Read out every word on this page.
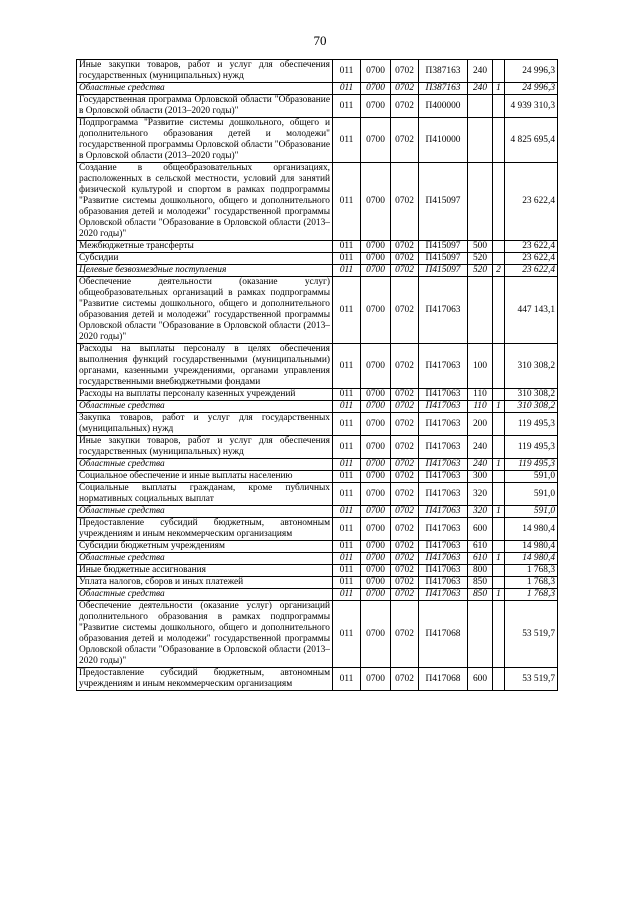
70
Иные закупки товаров, работ и услуг для обеспечения государственных (муниципальных) нужд	011	0700	0702	П387163	240		24 996,3
Областные средства	011	0700	0702	П387163	240	1	24 996,3
Государственная программа Орловской области "Образование в Орловской области (2013–2020 годы)"	011	0700	0702	П400000			4 939 310,3
Подпрограмма "Развитие системы дошкольного, общего и дополнительного образования детей и молодежи" государственной программы Орловской области "Образование в Орловской области (2013–2020 годы)"	011	0700	0702	П410000			4 825 695,4
Создание в общеобразовательных организациях, расположенных в сельской местности, условий для занятий физической культурой и спортом в рамках подпрограммы "Развитие системы дошкольного, общего и дополнительного образования детей и молодежи" государственной программы Орловской области "Образование в Орловской области (2013–2020 годы)"	011	0700	0702	П415097			23 622,4
Межбюджетные трансферты	011	0700	0702	П415097	500		23 622,4
Субсидии	011	0700	0702	П415097	520		23 622,4
Целевые безвозмездные поступления	011	0700	0702	П415097	520	2	23 622,4
Обеспечение деятельности (оказание услуг) общеобразовательных организаций в рамках подпрограммы "Развитие системы дошкольного, общего и дополнительного образования детей и молодежи" государственной программы Орловской области "Образование в Орловской области (2013–2020 годы)"	011	0700	0702	П417063			447 143,1
Расходы на выплаты персоналу в целях обеспечения выполнения функций государственными (муниципальными) органами, казенными учреждениями, органами управления государственными внебюджетными фондами	011	0700	0702	П417063	100		310 308,2
Расходы на выплаты персоналу казенных учреждений	011	0700	0702	П417063	110		310 308,2
Областные средства	011	0700	0702	П417063	110	1	310 308,2
Закупка товаров, работ и услуг для государственных (муниципальных) нужд	011	0700	0702	П417063	200		119 495,3
Иные закупки товаров, работ и услуг для обеспечения государственных (муниципальных) нужд	011	0700	0702	П417063	240		119 495,3
Областные средства	011	0700	0702	П417063	240	1	119 495,3
Социальное обеспечение и иные выплаты населению	011	0700	0702	П417063	300		591,0
Социальные выплаты гражданам, кроме публичных нормативных социальных выплат	011	0700	0702	П417063	320		591,0
Областные средства	011	0700	0702	П417063	320	1	591,0
Предоставление субсидий бюджетным, автономным учреждениям и иным некоммерческим организациям	011	0700	0702	П417063	600		14 980,4
Субсидии бюджетным учреждениям	011	0700	0702	П417063	610		14 980,4
Областные средства	011	0700	0702	П417063	610	1	14 980,4
Иные бюджетные ассигнования	011	0700	0702	П417063	800		1 768,3
Уплата налогов, сборов и иных платежей	011	0700	0702	П417063	850		1 768,3
Областные средства	011	0700	0702	П417063	850	1	1 768,3
Обеспечение деятельности (оказание услуг) организаций дополнительного образования в рамках подпрограммы "Развитие системы дошкольного, общего и дополнительного образования детей и молодежи" государственной программы Орловской области "Образование в Орловской области (2013–2020 годы)"	011	0700	0702	П417068			53 519,7
Предоставление субсидий бюджетным, автономным учреждениям и иным некоммерческим организациям	011	0700	0702	П417068	600		53 519,7
